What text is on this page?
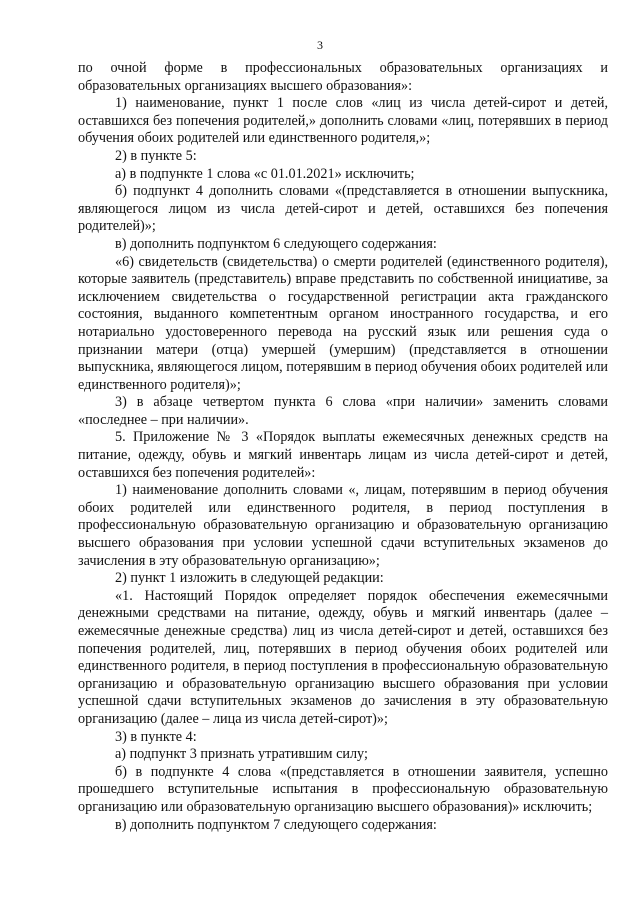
3

по очной форме в профессиональных образовательных организациях и образовательных организациях высшего образования»:

1) наименование, пункт 1 после слов «лиц из числа детей-сирот и детей, оставшихся без попечения родителей,» дополнить словами «лиц, потерявших в период обучения обоих родителей или единственного родителя,»;

2) в пункте 5:

а) в подпункте 1 слова «с 01.01.2021» исключить;

б) подпункт 4 дополнить словами «(представляется в отношении выпускника, являющегося лицом из числа детей-сирот и детей, оставшихся без попечения родителей)»;

в) дополнить подпунктом 6 следующего содержания:

«6) свидетельств (свидетельства) о смерти родителей (единственного родителя), которые заявитель (представитель) вправе представить по собственной инициативе, за исключением свидетельства о государственной регистрации акта гражданского состояния, выданного компетентным органом иностранного государства, и его нотариально удостоверенного перевода на русский язык или решения суда о признании матери (отца) умершей (умершим) (представляется в отношении выпускника, являющегося лицом, потерявшим в период обучения обоих родителей или единственного родителя)»;

3) в абзаце четвертом пункта 6 слова «при наличии» заменить словами «последнее – при наличии».

5. Приложение № 3 «Порядок выплаты ежемесячных денежных средств на питание, одежду, обувь и мягкий инвентарь лицам из числа детей-сирот и детей, оставшихся без попечения родителей»:

1) наименование дополнить словами «, лицам, потерявшим в период обучения обоих родителей или единственного родителя, в период поступления в профессиональную образовательную организацию и образовательную организацию высшего образования при условии успешной сдачи вступительных экзаменов до зачисления в эту образовательную организацию»;

2) пункт 1 изложить в следующей редакции:

«1. Настоящий Порядок определяет порядок обеспечения ежемесячными денежными средствами на питание, одежду, обувь и мягкий инвентарь (далее – ежемесячные денежные средства) лиц из числа детей-сирот и детей, оставшихся без попечения родителей, лиц, потерявших в период обучения обоих родителей или единственного родителя, в период поступления в профессиональную образовательную организацию и образовательную организацию высшего образования при условии успешной сдачи вступительных экзаменов до зачисления в эту образовательную организацию (далее – лица из числа детей-сирот)»;

3) в пункте 4:

а) подпункт 3 признать утратившим силу;

б) в подпункте 4 слова «(представляется в отношении заявителя, успешно прошедшего вступительные испытания в профессиональную образовательную организацию или образовательную организацию высшего образования)» исключить;

в) дополнить подпунктом 7 следующего содержания:
